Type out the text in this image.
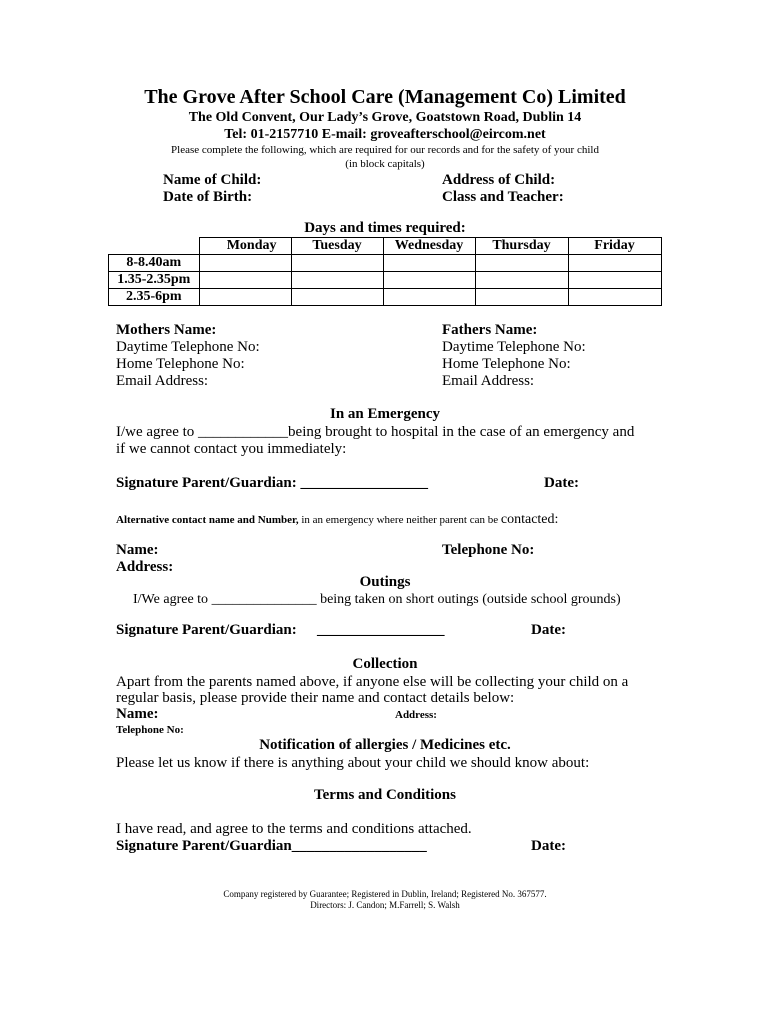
The Grove After School Care (Management Co) Limited
The Old Convent, Our Lady’s Grove, Goatstown Road, Dublin 14
Tel: 01-2157710 E-mail: groveafterschool@eircom.net
Please complete the following, which are required for our records and for the safety of your child
(in block capitals)
Name of Child:
Date of Birth:
Address of Child:
Class and Teacher:
Days and times required:
	Monday	Tuesday	Wednesday	Thursday	Friday
8-8.40am					
1.35-2.35pm					
2.35-6pm					
Mothers Name:
Daytime Telephone No:
Home Telephone No:
Email Address:
Fathers Name:
Daytime Telephone No:
Home Telephone No:
Email Address:
In an Emergency
I/we agree to ____________being brought to hospital in the case of an emergency and
if we cannot contact you immediately:
Signature Parent/Guardian: _________________	Date:
Alternative contact name and Number, in an emergency where neither parent can be contacted:
Name:
Address:
Telephone No:
Outings
I/We agree to _______________ being taken on short outings (outside school grounds)
Signature Parent/Guardian: _________________	Date:
Collection
Apart from the parents named above, if anyone else will be collecting your child on a
regular basis, please provide their name and contact details below:
Name:	Address:
Telephone No:
Notification of allergies / Medicines etc.
Please let us know if there is anything about your child we should know about:
Terms and Conditions
I have read, and agree to the terms and conditions attached.
Signature Parent/Guardian__________________	Date:
Company registered by Guarantee; Registered in Dublin, Ireland; Registered No. 367577.
Directors: J. Candon; M.Farrell; S. Walsh
